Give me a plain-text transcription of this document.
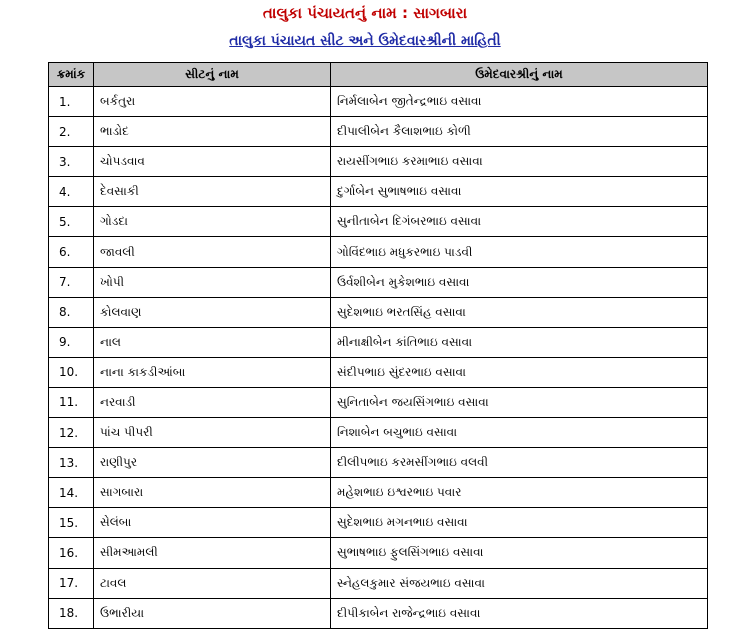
તાલુકા પંચાયતનું નામ : સાગબારા
તાલુકા પંચાયત સીટ અને ઉમેદવારશ્રીની માહિતી
ક્રમાંક	સીટનું નામ	ઉમેદવારશ્રીનું નામ
1.	બર્કતુરા	નિર્મલાબેન જીતેન્દ્રભાઇ વસાવા
2.	ભાડોદ	દીપાલીબેન કૈલાશભાઇ કોળી
3.	ચોપડવાવ	રાયસીંગભાઇ કરમાભાઇ વસાવા
4.	દેવસાકી	દુર્ગાબેન સુભાષભાઇ વસાવા
5.	ગોડદા	સુનીતાબેન દિગંબરભાઇ વસાવા
6.	જાવલી	ગોવિંદભાઇ મધુકરભાઇ પાડવી
7.	ખોપી	ઉર્વશીબેન મુકેશભાઇ વસાવા
8.	કોલવાણ	સુદેશભાઇ ભરતસિંહ વસાવા
9.	નાલ	મીનાક્ષીબેન કાંતિભાઇ વસાવા
10.	નાના કાકડીઆંબા	સંદીપભાઇ સુંદરભાઇ વસાવા
11.	નરવાડી	સુનિતાબેન જયસિંગભાઇ વસાવા
12.	પાંચ પીપરી	નિશાબેન બચુભાઇ વસાવા
13.	રાણીપુર	દીલીપભાઇ કરમસીંગભાઇ વલવી
14.	સાગબારા	મહેશભાઇ ઇશ્વરભાઇ પવાર
15.	સેલંબા	સુદેશભાઇ મગનભાઇ વસાવા
16.	સીમઆમલી	સુભાષભાઇ ફુલસિંગભાઇ વસાવા
17.	ટાવલ	સ્નેહલકુમાર સંજયભાઇ વસાવા
18.	ઉભારીયા	દીપીકાબેન રાજેન્દ્રભાઇ વસાવા
